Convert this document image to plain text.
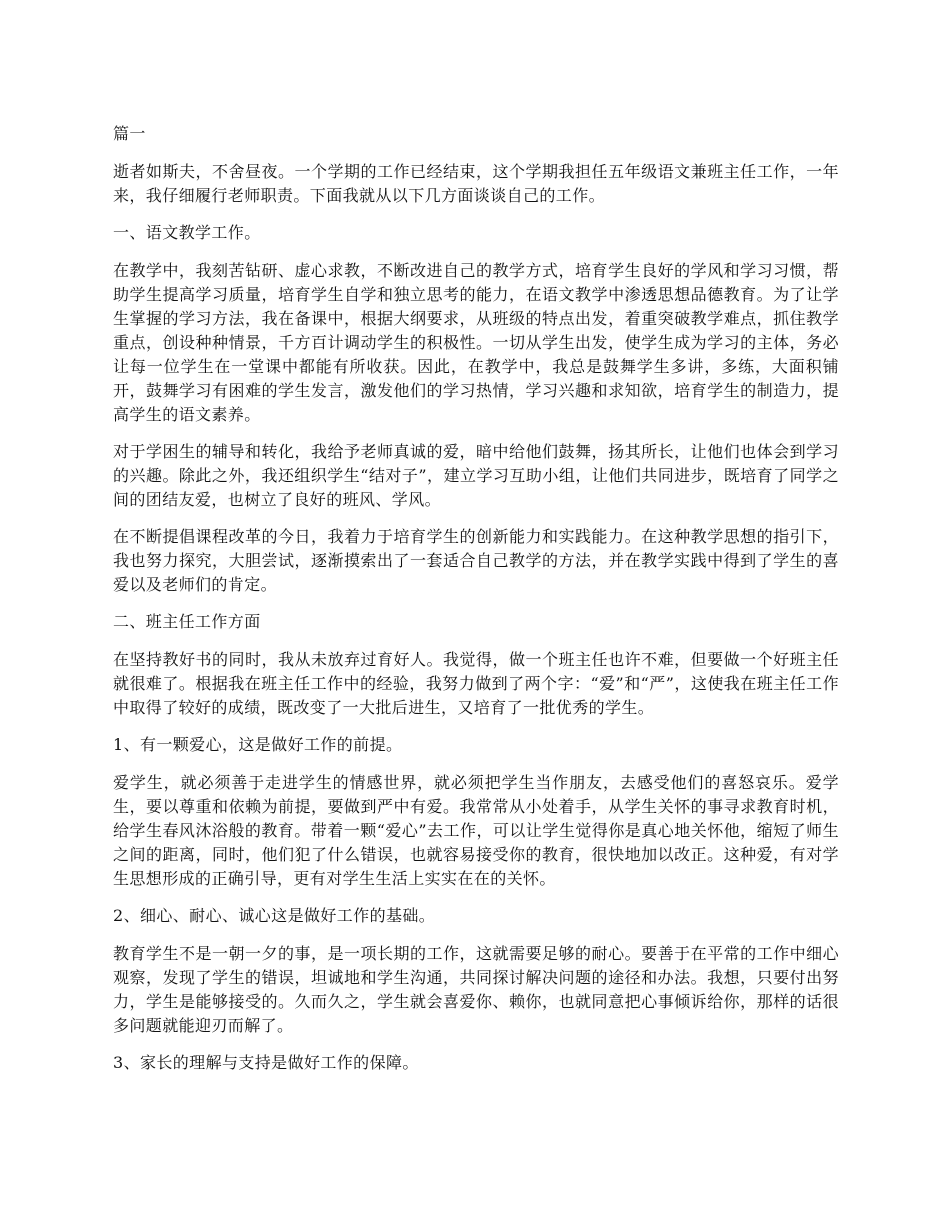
篇一

逝者如斯夫，不舍昼夜。一个学期的工作已经结束，这个学期我担任五年级语文兼班主任工作，一年来，我仔细履行老师职责。下面我就从以下几方面谈谈自己的工作。

一、语文教学工作。

在教学中，我刻苦钻研、虚心求教，不断改进自己的教学方式，培育学生良好的学风和学习习惯，帮助学生提高学习质量，培育学生自学和独立思考的能力，在语文教学中渗透思想品德教育。为了让学生掌握的学习方法，我在备课中，根据大纲要求，从班级的特点出发，着重突破教学难点，抓住教学重点，创设种种情景，千方百计调动学生的积极性。一切从学生出发，使学生成为学习的主体，务必让每一位学生在一堂课中都能有所收获。因此，在教学中，我总是鼓舞学生多讲，多练，大面积铺开，鼓舞学习有困难的学生发言，激发他们的学习热情，学习兴趣和求知欲，培育学生的制造力，提高学生的语文素养。

对于学困生的辅导和转化，我给予老师真诚的爱，暗中给他们鼓舞，扬其所长，让他们也体会到学习的兴趣。除此之外，我还组织学生“结对子”，建立学习互助小组，让他们共同进步，既培育了同学之间的团结友爱，也树立了良好的班风、学风。

在不断提倡课程改革的今日，我着力于培育学生的创新能力和实践能力。在这种教学思想的指引下，我也努力探究，大胆尝试，逐渐摸索出了一套适合自己教学的方法，并在教学实践中得到了学生的喜爱以及老师们的肯定。

二、班主任工作方面

在坚持教好书的同时，我从未放弃过育好人。我觉得，做一个班主任也许不难，但要做一个好班主任就很难了。根据我在班主任工作中的经验，我努力做到了两个字：“爱”和“严”，这使我在班主任工作中取得了较好的成绩，既改变了一大批后进生，又培育了一批优秀的学生。

1、有一颗爱心，这是做好工作的前提。

爱学生，就必须善于走进学生的情感世界，就必须把学生当作朋友，去感受他们的喜怒哀乐。爱学生，要以尊重和依赖为前提，要做到严中有爱。我常常从小处着手，从学生关怀的事寻求教育时机，给学生春风沐浴般的教育。带着一颗“爱心”去工作，可以让学生觉得你是真心地关怀他，缩短了师生之间的距离，同时，他们犯了什么错误，也就容易接受你的教育，很快地加以改正。这种爱，有对学生思想形成的正确引导，更有对学生生活上实实在在的关怀。

2、细心、耐心、诚心这是做好工作的基础。

教育学生不是一朝一夕的事，是一项长期的工作，这就需要足够的耐心。要善于在平常的工作中细心观察，发现了学生的错误，坦诚地和学生沟通，共同探讨解决问题的途径和办法。我想，只要付出努力，学生是能够接受的。久而久之，学生就会喜爱你、赖你，也就同意把心事倾诉给你，那样的话很多问题就能迎刃而解了。

3、家长的理解与支持是做好工作的保障。
